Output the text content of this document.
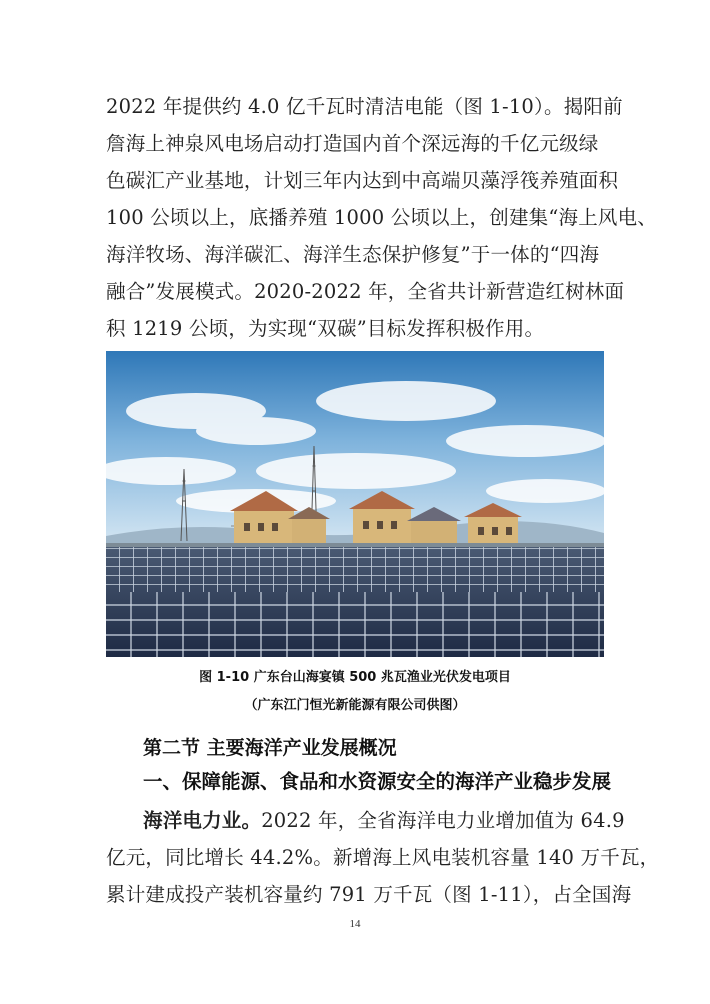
2022 年提供约 4.0 亿千瓦时清洁电能（图 1-10）。揭阳前
詹海上神泉风电场启动打造国内首个深远海的千亿元级绿
色碳汇产业基地，计划三年内达到中高端贝藻浮筏养殖面积
100 公顷以上，底播养殖 1000 公顷以上，创建集“海上风电、
海洋牧场、海洋碳汇、海洋生态保护修复”于一体的“四海
融合”发展模式。2020-2022 年，全省共计新营造红树林面
积 1219 公顷，为实现“双碳”目标发挥积极作用。
图 1-10 广东台山海宴镇 500 兆瓦渔业光伏发电项目
（广东江门恒光新能源有限公司供图）
第二节 主要海洋产业发展概况
一、保障能源、食品和水资源安全的海洋产业稳步发展
海洋电力业。2022 年，全省海洋电力业增加值为 64.9
亿元，同比增长 44.2%。新增海上风电装机容量 140 万千瓦，
累计建成投产装机容量约 791 万千瓦（图 1-11），占全国海
14
